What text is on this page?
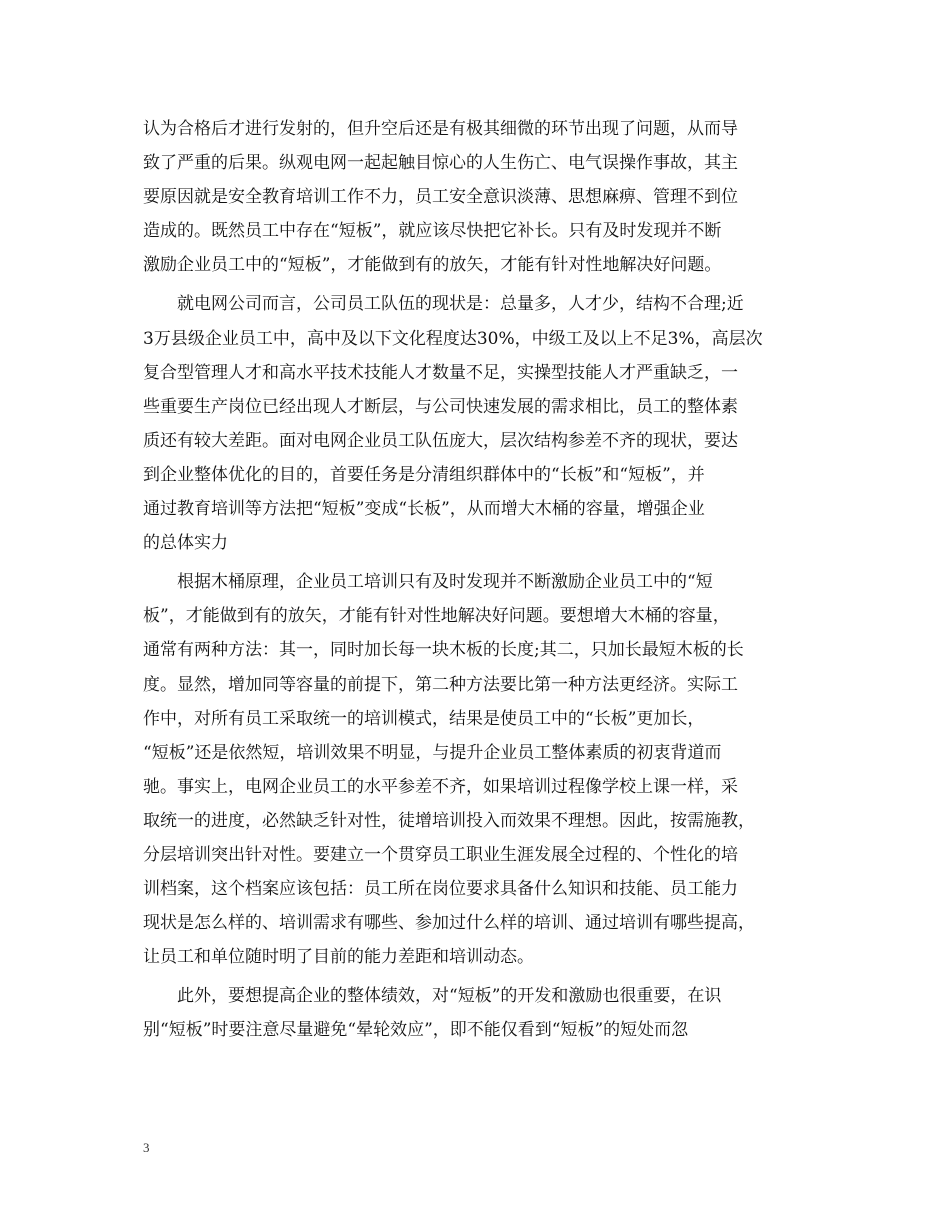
认为合格后才进行发射的，但升空后还是有极其细微的环节出现了问题，从而导
致了严重的后果。纵观电网一起起触目惊心的人生伤亡、电气误操作事故，其主
要原因就是安全教育培训工作不力，员工安全意识淡薄、思想麻痹、管理不到位
造成的。既然员工中存在“短板”，就应该尽快把它补长。只有及时发现并不断
激励企业员工中的“短板”，才能做到有的放矢，才能有针对性地解决好问题。
　　就电网公司而言，公司员工队伍的现状是：总量多，人才少，结构不合理;近
3万县级企业员工中，高中及以下文化程度达30%，中级工及以上不足3%，高层次
复合型管理人才和高水平技术技能人才数量不足，实操型技能人才严重缺乏，一
些重要生产岗位已经出现人才断层，与公司快速发展的需求相比，员工的整体素
质还有较大差距。面对电网企业员工队伍庞大，层次结构参差不齐的现状，要达
到企业整体优化的目的，首要任务是分清组织群体中的“长板”和“短板”，并
通过教育培训等方法把“短板”变成“长板”，从而增大木桶的容量，增强企业
的总体实力
　　根据木桶原理，企业员工培训只有及时发现并不断激励企业员工中的“短
板”，才能做到有的放矢，才能有针对性地解决好问题。要想增大木桶的容量，
通常有两种方法：其一，同时加长每一块木板的长度;其二，只加长最短木板的长
度。显然，增加同等容量的前提下，第二种方法要比第一种方法更经济。实际工
作中，对所有员工采取统一的培训模式，结果是使员工中的“长板”更加长，
“短板”还是依然短，培训效果不明显，与提升企业员工整体素质的初衷背道而
驰。事实上，电网企业员工的水平参差不齐，如果培训过程像学校上课一样，采
取统一的进度，必然缺乏针对性，徒增培训投入而效果不理想。因此，按需施教，
分层培训突出针对性。要建立一个贯穿员工职业生涯发展全过程的、个性化的培
训档案，这个档案应该包括：员工所在岗位要求具备什么知识和技能、员工能力
现状是怎么样的、培训需求有哪些、参加过什么样的培训、通过培训有哪些提高，
让员工和单位随时明了目前的能力差距和培训动态。
　　此外，要想提高企业的整体绩效，对“短板”的开发和激励也很重要，在识
别“短板”时要注意尽量避免“晕轮效应”，即不能仅看到“短板”的短处而忽
3
